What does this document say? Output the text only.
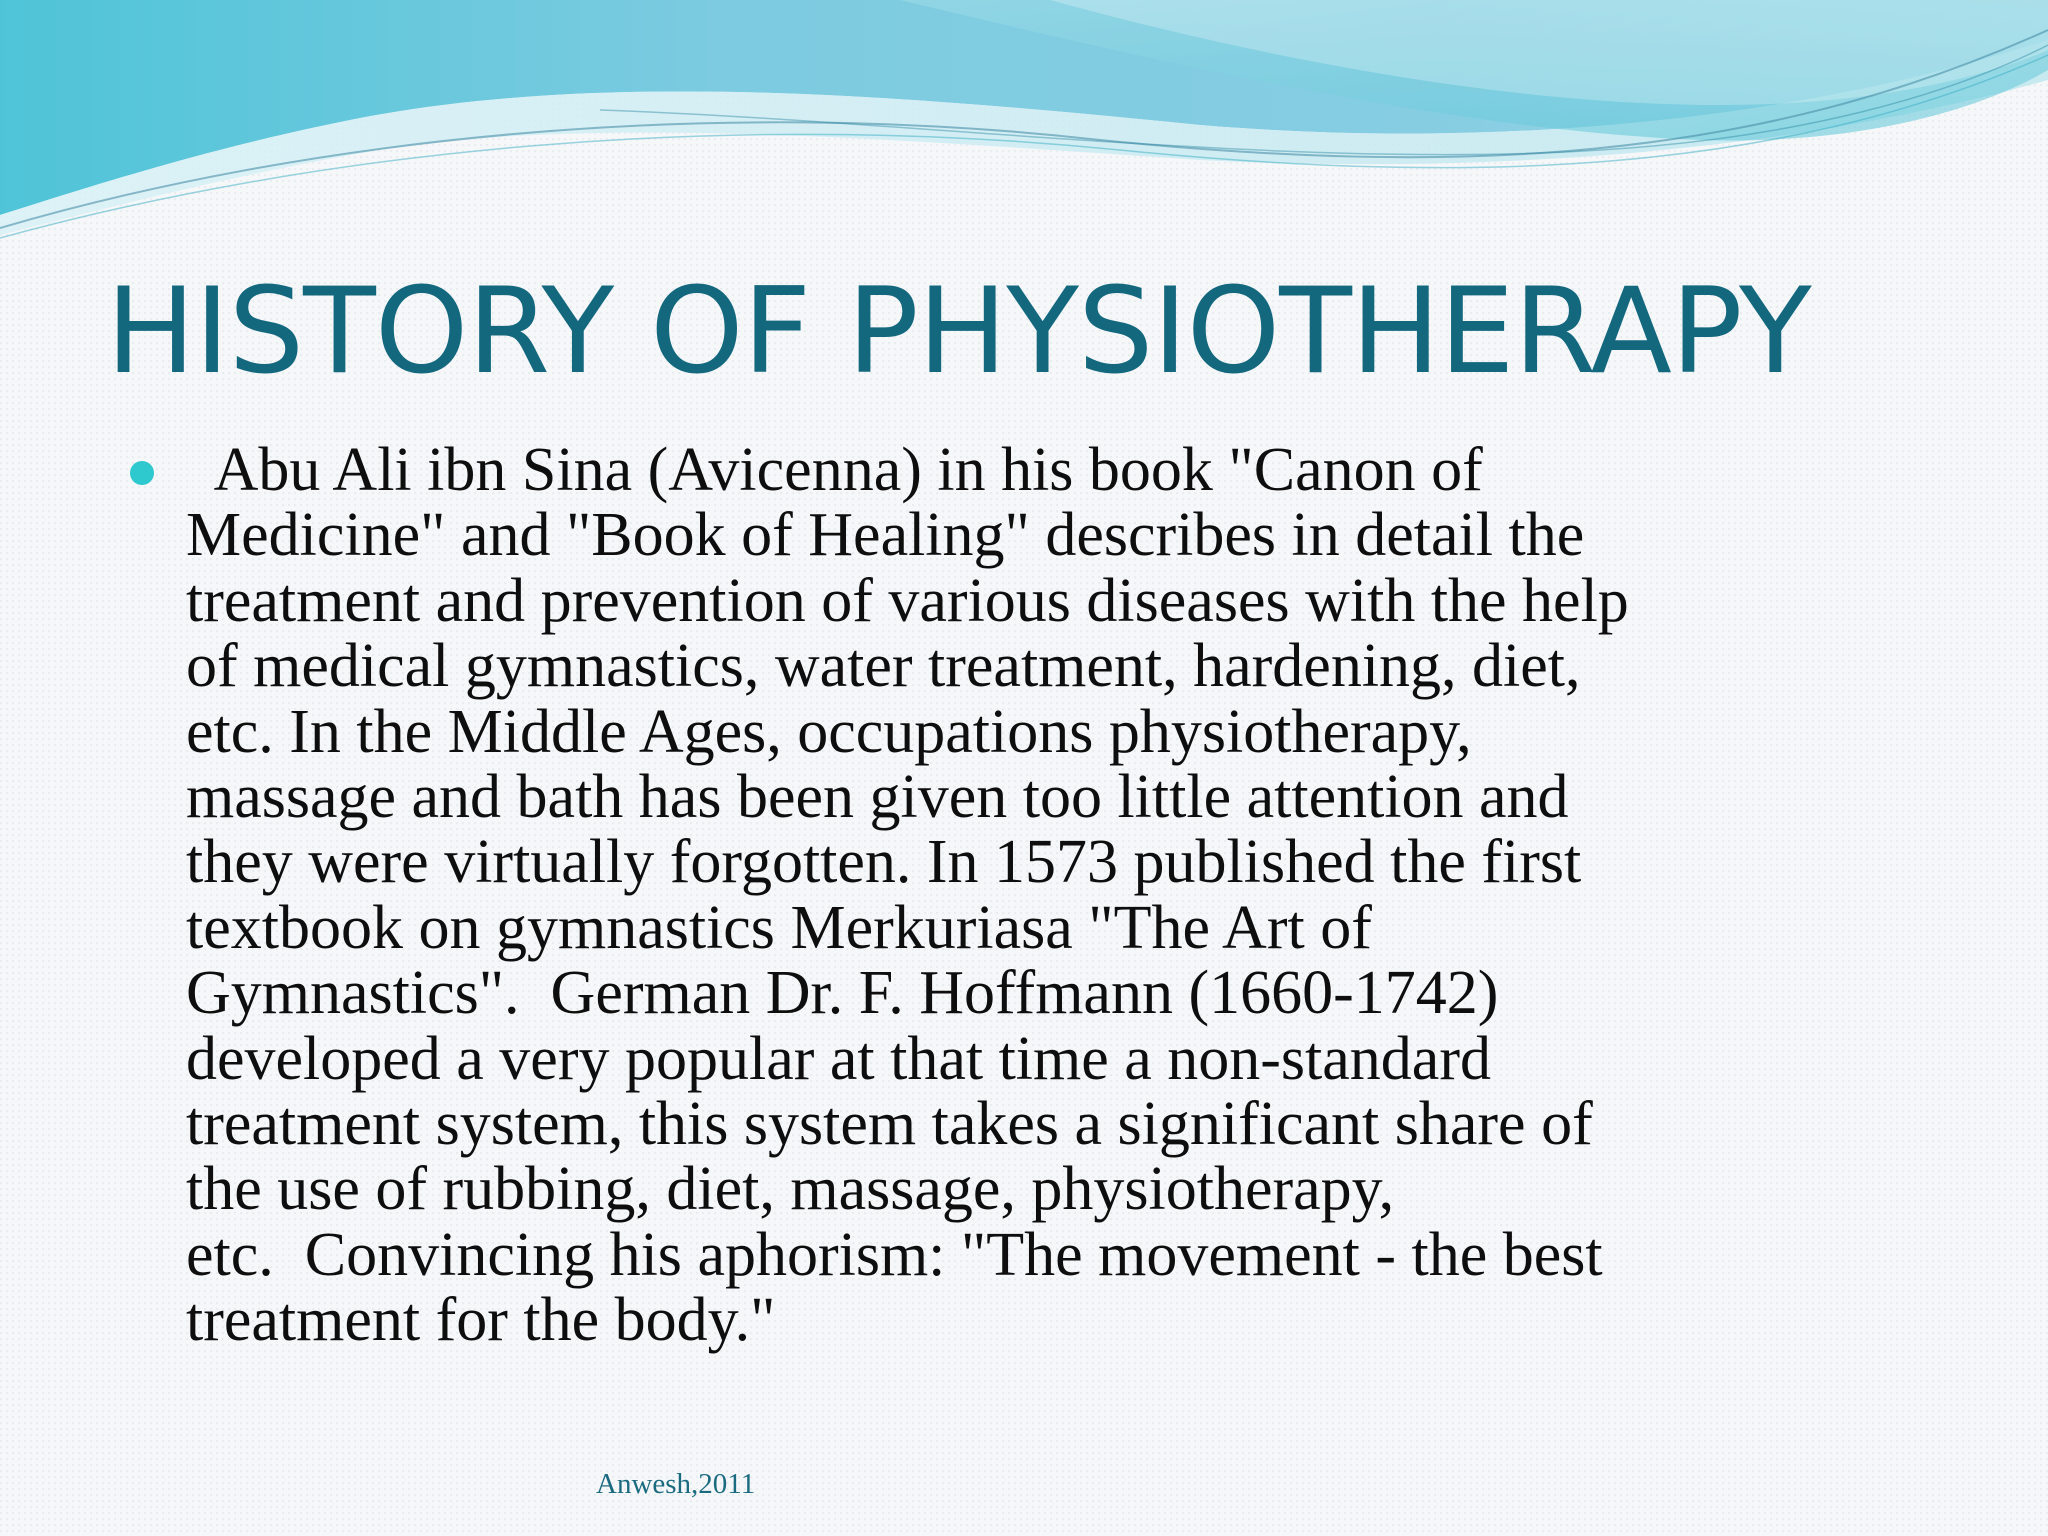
HISTORY OF PHYSIOTHERAPY

Abu Ali ibn Sina (Avicenna) in his book "Canon of
Medicine" and "Book of Healing" describes in detail the
treatment and prevention of various diseases with the help
of medical gymnastics, water treatment, hardening, diet,
etc. In the Middle Ages, occupations physiotherapy,
massage and bath has been given too little attention and
they were virtually forgotten. In 1573 published the first
textbook on gymnastics Merkuriasa "The Art of
Gymnastics".  German Dr. F. Hoffmann (1660-1742)
developed a very popular at that time a non-standard
treatment system, this system takes a significant share of
the use of rubbing, diet, massage, physiotherapy,
etc.  Convincing his aphorism: "The movement - the best
treatment for the body."

Anwesh,2011
